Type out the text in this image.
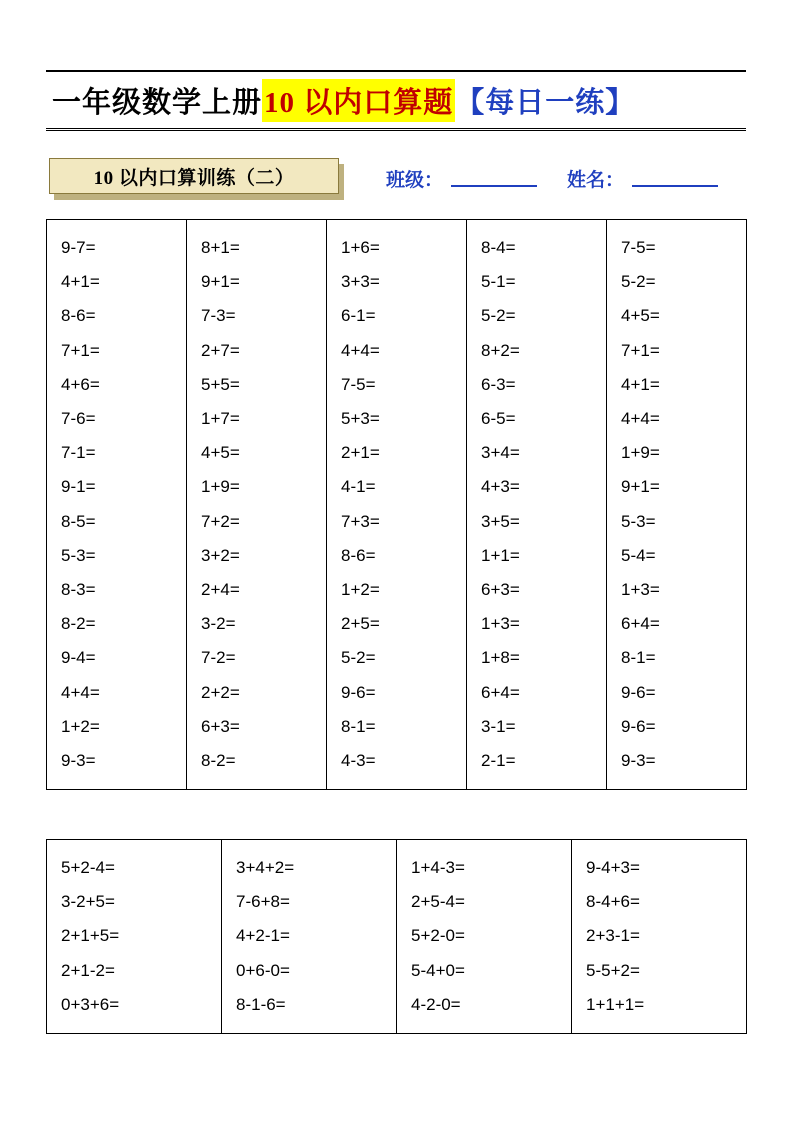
一年级数学上册 10 以内口算题 【每日一练】
10 以内口算训练（二）	班级：	姓名：
9-7=
4+1=
8-6=
7+1=
4+6=
7-6=
7-1=
9-1=
8-5=
5-3=
8-3=
8-2=
9-4=
4+4=
1+2=
9-3=
8+1=
9+1=
7-3=
2+7=
5+5=
1+7=
4+5=
1+9=
7+2=
3+2=
2+4=
3-2=
7-2=
2+2=
6+3=
8-2=
1+6=
3+3=
6-1=
4+4=
7-5=
5+3=
2+1=
4-1=
7+3=
8-6=
1+2=
2+5=
5-2=
9-6=
8-1=
4-3=
8-4=
5-1=
5-2=
8+2=
6-3=
6-5=
3+4=
4+3=
3+5=
1+1=
6+3=
1+3=
1+8=
6+4=
3-1=
2-1=
7-5=
5-2=
4+5=
7+1=
4+1=
4+4=
1+9=
9+1=
5-3=
5-4=
1+3=
6+4=
8-1=
9-6=
9-6=
9-3=
5+2-4=
3-2+5=
2+1+5=
2+1-2=
0+3+6=
3+4+2=
7-6+8=
4+2-1=
0+6-0=
8-1-6=
1+4-3=
2+5-4=
5+2-0=
5-4+0=
4-2-0=
9-4+3=
8-4+6=
2+3-1=
5-5+2=
1+1+1=
